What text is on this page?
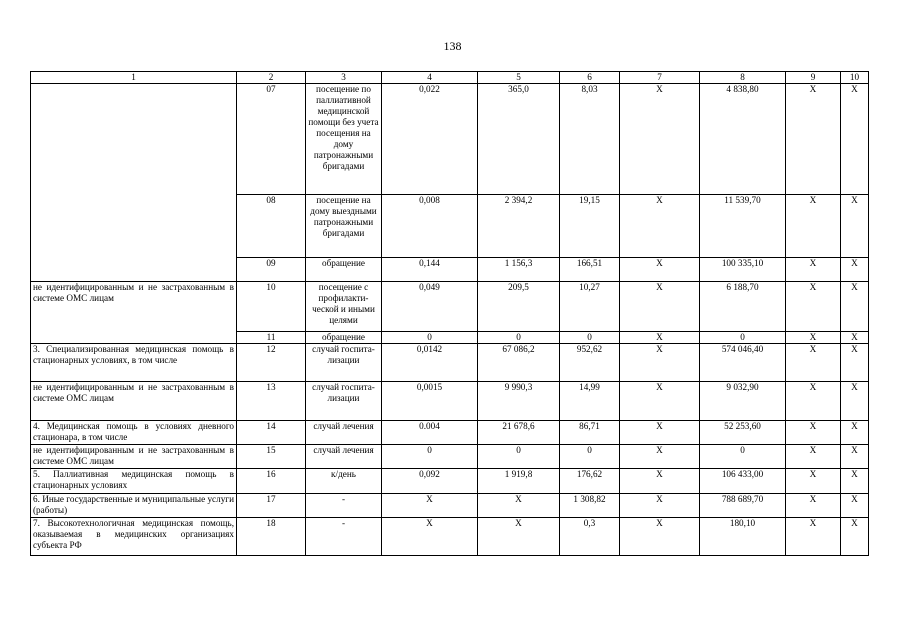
138
1	2	3	4	5	6	7	8	9	10
	07	посещение по паллиативной медицинской помощи без учета посещения на дому патронажными бригадами	0,022	365,0	8,03	Х	4 838,80	Х	Х
	08	посещение на дому выездными патронажными бригадами	0,008	2 394,2	19,15	Х	11 539,70	Х	Х
	09	обращение	0,144	1 156,3	166,51	Х	100 335,10	Х	Х
не идентифицированным и не застрахованным в системе ОМС лицам	10	посещение с профилакти-ческой и иными целями	0,049	209,5	10,27	Х	6 188,70	Х	Х
	11	обращение	0	0	0	Х	0	Х	Х
3. Специализированная медицинская помощь в стационарных условиях, в том числе	12	случай госпита-лизации	0,0142	67 086,2	952,62	Х	574 046,40	Х	Х
не идентифицированным и не застрахованным в системе ОМС лицам	13	случай госпита-лизации	0,0015	9 990,3	14,99	Х	9 032,90	Х	Х
4. Медицинская помощь в условиях дневного стационара, в том числе	14	случай лечения	0.004	21 678,6	86,71	Х	52 253,60	Х	Х
не идентифицированным и не застрахованным в системе ОМС лицам	15	случай лечения	0	0	0	Х	0	Х	Х
5. Паллиативная медицинская помощь в стационарных условиях	16	к/день	0,092	1 919,8	176,62	Х	106 433,00	Х	Х
6. Иные государственные и муниципальные услуги (работы)	17	-	Х	Х	1 308,82	Х	788 689,70	Х	Х
7. Высокотехнологичная медицинская помощь, оказываемая в медицинских организациях субъекта РФ	18	-	Х	Х	0,3	Х	180,10	Х	Х
